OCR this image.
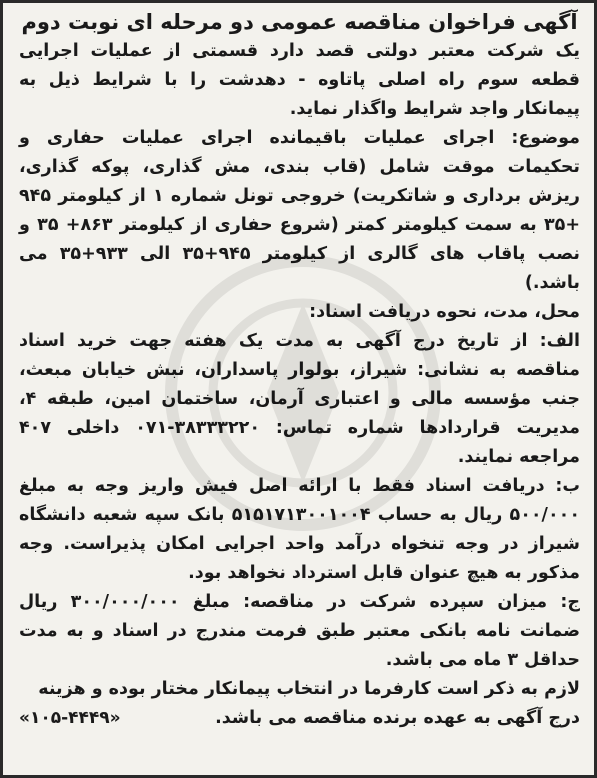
آگهی فراخوان مناقصه عمومی دو مرحله ای نوبت دوم

یک شرکت معتبر دولتی قصد دارد قسمتی از عملیات اجرایی قطعه سوم راه اصلی پاتاوه - دهدشت را با شرایط ذیل به پیمانکار واجد شرایط واگذار نماید.

موضوع: اجرای عملیات باقیمانده اجرای عملیات حفاری و تحکیمات موقت شامل (قاب بندی، مش گذاری، پوکه گذاری، ریزش برداری و شاتکریت) خروجی تونل شماره ۱ از کیلومتر ۹۴۵ +۳۵ به سمت کیلومتر کمتر (شروع حفاری از کیلومتر ۸۶۳+ ۳۵ و نصب پاقاب های گالری از کیلومتر ۹۴۵+۳۵ الی ۹۳۳+۳۵ می باشد.)

محل، مدت، نحوه دریافت اسناد:

الف: از تاریخ درج آگهی به مدت یک هفته جهت خرید اسناد مناقصه به نشانی: شیراز، بولوار پاسداران، نبش خیابان مبعث، جنب مؤسسه مالی و اعتباری آرمان، ساختمان امین، طبقه ۴، مدیریت قراردادها شماره تماس: ۳۸۳۳۳۲۲۰-۰۷۱ داخلی ۴۰۷ مراجعه نمایند.

ب: دریافت اسناد فقط با ارائه اصل فیش واریز وجه به مبلغ ۵۰۰/۰۰۰ ریال به حساب ۵۱۵۱۷۱۳۰۰۱۰۰۴ بانک سپه شعبه دانشگاه شیراز در وجه تنخواه درآمد واحد اجرایی امکان پذیراست. وجه مذکور به هیچ عنوان قابل استرداد نخواهد بود.

ج: میزان سپرده شرکت در مناقصه: مبلغ ۳۰۰/۰۰۰/۰۰۰ ریال ضمانت نامه بانکی معتبر طبق فرمت مندرج در اسناد و به مدت حداقل ۳ ماه می باشد.

لازم به ذکر است کارفرما در انتخاب پیمانکار مختار بوده و هزینه

درج آگهی به عهده برنده مناقصه می باشد.
«۱۰۵-۴۴۴۹»
